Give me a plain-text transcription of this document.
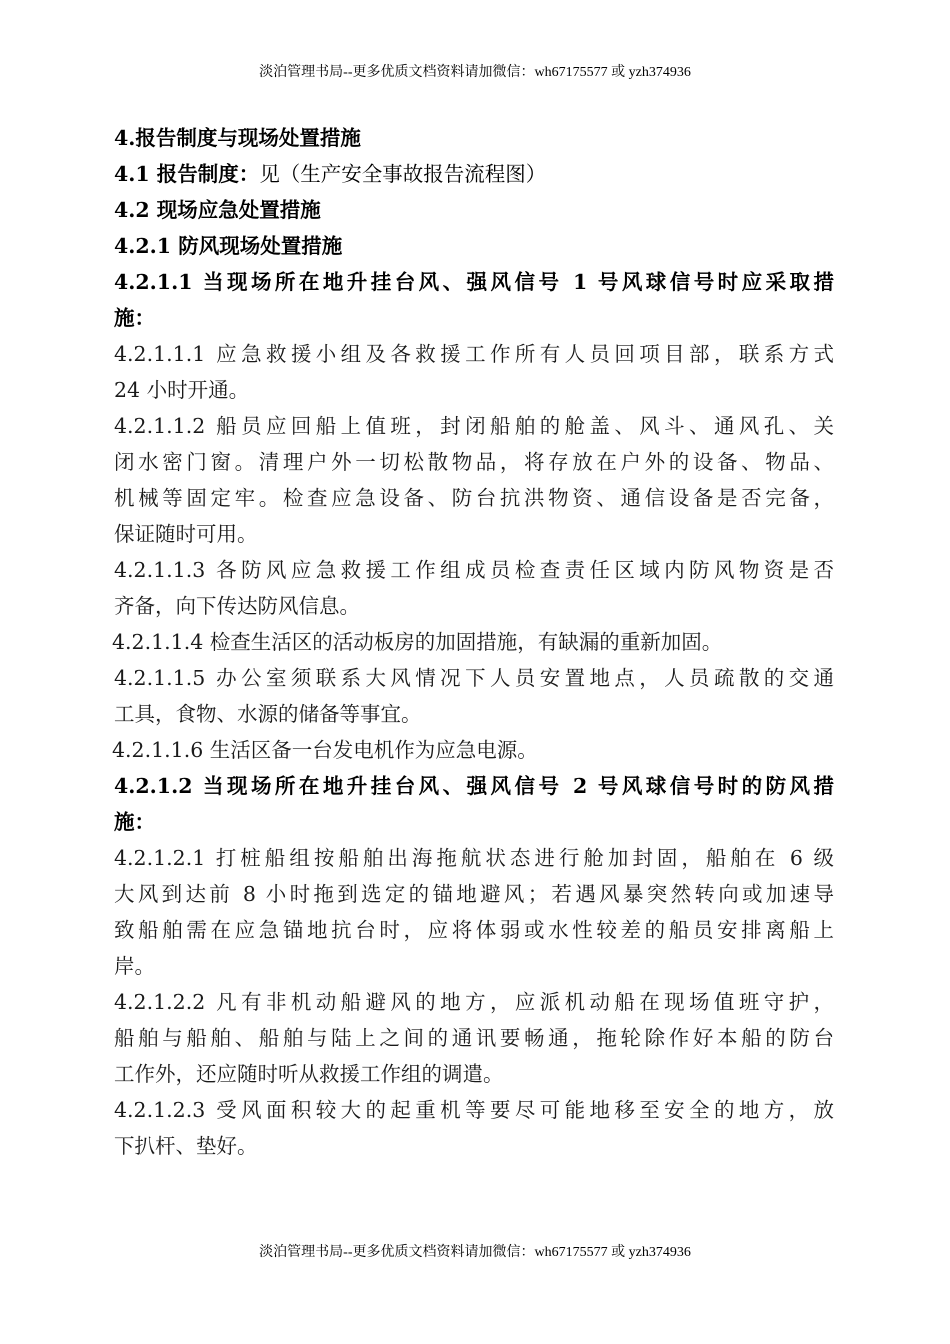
淡泊管理书局--更多优质文档资料请加微信：wh67175577 或 yzh374936
4.报告制度与现场处置措施
4.1 报告制度：见（生产安全事故报告流程图）
4.2 现场应急处置措施
4.2.1 防风现场处置措施
4.2.1.1 当现场所在地升挂台风、强风信号 1 号风球信号时应采取措
施：
4.2.1.1.1 应急救援小组及各救援工作所有人员回项目部，联系方式
24 小时开通。
4.2.1.1.2 船员应回船上值班，封闭船舶的舱盖、风斗、通风孔、关
闭水密门窗。清理户外一切松散物品，将存放在户外的设备、物品、
机械等固定牢。检查应急设备、防台抗洪物资、通信设备是否完备，
保证随时可用。
4.2.1.1.3 各防风应急救援工作组成员检查责任区域内防风物资是否
齐备，向下传达防风信息。
4.2.1.1.4 检查生活区的活动板房的加固措施，有缺漏的重新加固。
4.2.1.1.5 办公室须联系大风情况下人员安置地点，人员疏散的交通
工具，食物、水源的储备等事宜。
4.2.1.1.6 生活区备一台发电机作为应急电源。
4.2.1.2 当现场所在地升挂台风、强风信号 2 号风球信号时的防风措
施：
4.2.1.2.1 打桩船组按船舶出海拖航状态进行舱加封固，船舶在 6 级
大风到达前 8 小时拖到选定的锚地避风；若遇风暴突然转向或加速导
致船舶需在应急锚地抗台时，应将体弱或水性较差的船员安排离船上
岸。
4.2.1.2.2 凡有非机动船避风的地方，应派机动船在现场值班守护，
船舶与船舶、船舶与陆上之间的通讯要畅通，拖轮除作好本船的防台
工作外，还应随时听从救援工作组的调遣。
4.2.1.2.3 受风面积较大的起重机等要尽可能地移至安全的地方，放
下扒杆、垫好。
淡泊管理书局--更多优质文档资料请加微信：wh67175577 或 yzh374936
